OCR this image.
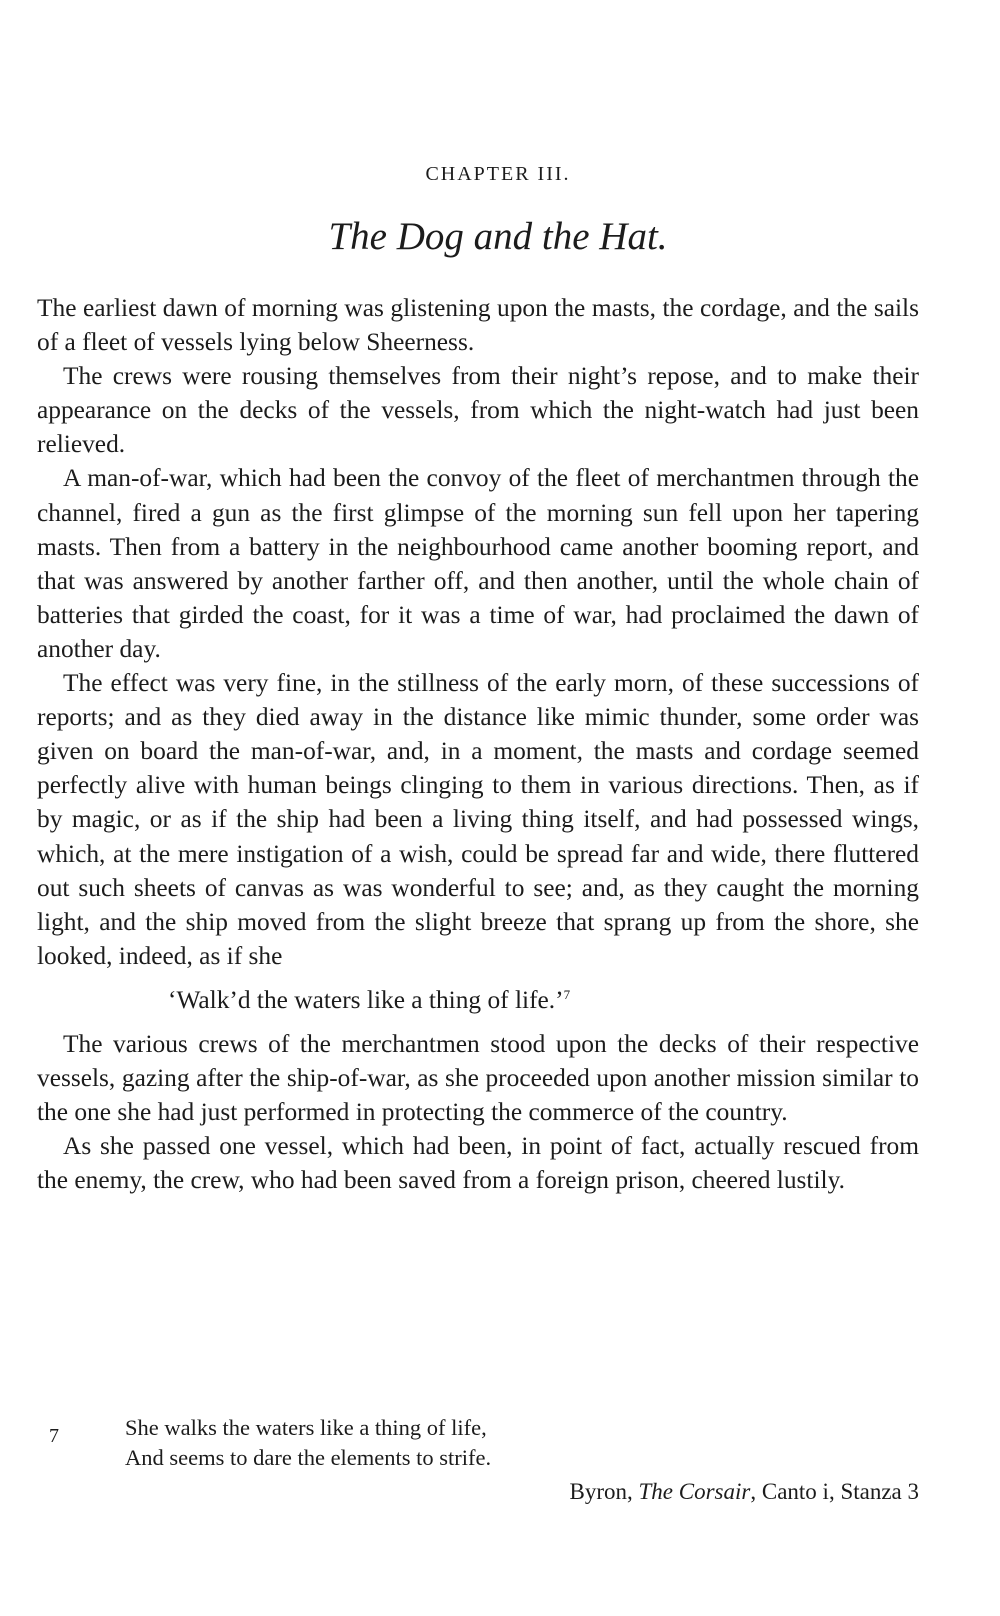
CHAPTER III.
The Dog and the Hat.

The earliest dawn of morning was glistening upon the masts, the cordage, and the sails of a fleet of vessels lying below Sheerness.

The crews were rousing themselves from their night’s repose, and to make their appearance on the decks of the vessels, from which the night-watch had just been relieved.

A man-of-war, which had been the convoy of the fleet of merchantmen through the channel, fired a gun as the first glimpse of the morning sun fell upon her tapering masts. Then from a battery in the neighbourhood came another booming report, and that was answered by another farther off, and then another, until the whole chain of batteries that girded the coast, for it was a time of war, had proclaimed the dawn of another day.

The effect was very fine, in the stillness of the early morn, of these successions of reports; and as they died away in the distance like mimic thunder, some order was given on board the man-of-war, and, in a moment, the masts and cordage seemed perfectly alive with human beings clinging to them in various directions. Then, as if by magic, or as if the ship had been a living thing itself, and had possessed wings, which, at the mere instigation of a wish, could be spread far and wide, there fluttered out such sheets of canvas as was wonderful to see; and, as they caught the morning light, and the ship moved from the slight breeze that sprang up from the shore, she looked, indeed, as if she

‘Walk’d the waters like a thing of life.’$^7$

The various crews of the merchantmen stood upon the decks of their respective vessels, gazing after the ship-of-war, as she proceeded upon another mission similar to the one she had just performed in protecting the commerce of the country.

As she passed one vessel, which had been, in point of fact, actually rescued from the enemy, the crew, who had been saved from a foreign prison, cheered lustily.

7	She walks the waters like a thing of life,
And seems to dare the elements to strife.
Byron, The Corsair, Canto i, Stanza 3
